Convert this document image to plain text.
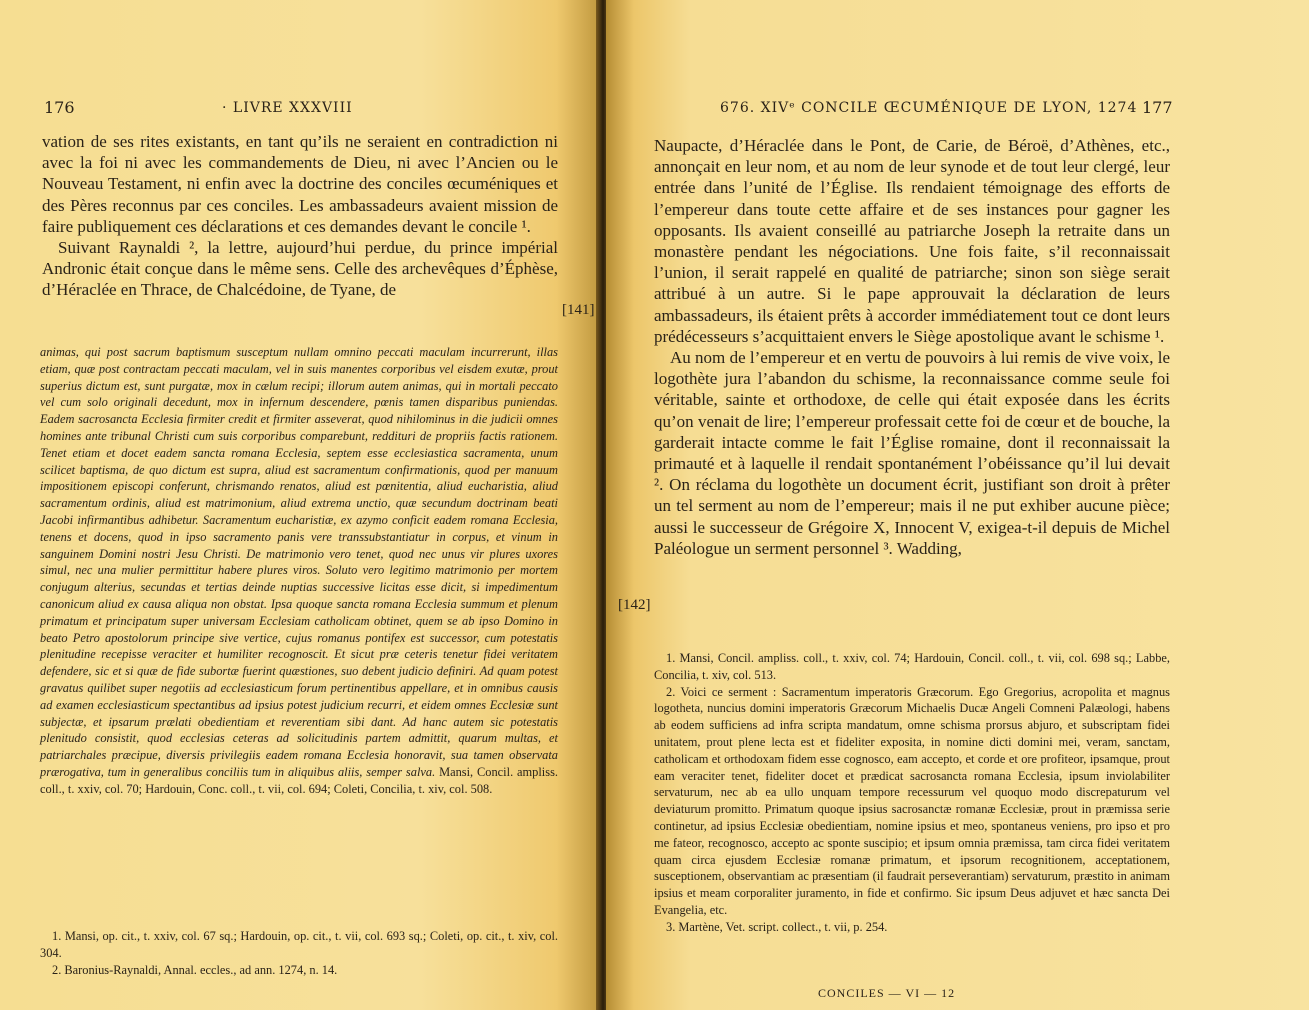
176	· LIVRE XXXVIII

vation de ses rites existants, en tant qu’ils ne seraient en contradiction ni avec la foi ni avec les commandements de Dieu, ni avec l’Ancien ou le Nouveau Testament, ni enfin avec la doctrine des conciles œcuméniques et des Pères reconnus par ces conciles. Les ambassadeurs avaient mission de faire publiquement ces déclarations et ces demandes devant le concile ¹.

Suivant Raynaldi ², la lettre, aujourd’hui perdue, du prince impérial Andronic était conçue dans le même sens. Celle des archevêques d’Éphèse, d’Héraclée en Thrace, de Chalcédoine, de Tyane, de

[141]

animas, qui post sacrum baptismum susceptum nullam omnino peccati maculam incurrerunt, illas etiam, quæ post contractam peccati maculam, vel in suis manentes corporibus vel eisdem exutæ, prout superius dictum est, sunt purgatæ, mox in cælum recipi; illorum autem animas, qui in mortali peccato vel cum solo originali decedunt, mox in infernum descendere, pœnis tamen disparibus puniendas. Eadem sacrosancta Ecclesia firmiter credit et firmiter asseverat, quod nihilominus in die judicii omnes homines ante tribunal Christi cum suis corporibus comparebunt, reddituri de propriis factis rationem. Tenet etiam et docet eadem sancta romana Ecclesia, septem esse ecclesiastica sacramenta, unum scilicet baptisma, de quo dictum est supra, aliud est sacramentum confirmationis, quod per manuum impositionem episcopi conferunt, chrismando renatos, aliud est pœnitentia, aliud eucharistia, aliud sacramentum ordinis, aliud est matrimonium, aliud extrema unctio, quæ secundum doctrinam beati Jacobi infirmantibus adhibetur. Sacramentum eucharistiæ, ex azymo conficit eadem romana Ecclesia, tenens et docens, quod in ipso sacramento panis vere transsubstantiatur in corpus, et vinum in sanguinem Domini nostri Jesu Christi. De matrimonio vero tenet, quod nec unus vir plures uxores simul, nec una mulier permittitur habere plures viros. Soluto vero legitimo matrimonio per mortem conjugum alterius, secundas et tertias deinde nuptias successive licitas esse dicit, si impedimentum canonicum aliud ex causa aliqua non obstat. Ipsa quoque sancta romana Ecclesia summum et plenum primatum et principatum super universam Ecclesiam catholicam obtinet, quem se ab ipso Domino in beato Petro apostolorum principe sive vertice, cujus romanus pontifex est successor, cum potestatis plenitudine recepisse veraciter et humiliter recognoscit. Et sicut præ ceteris tenetur fidei veritatem defendere, sic et si quæ de fide subortæ fuerint quæstiones, suo debent judicio definiri. Ad quam potest gravatus quilibet super negotiis ad ecclesiasticum forum pertinentibus appellare, et in omnibus causis ad examen ecclesiasticum spectantibus ad ipsius potest judicium recurri, et eidem omnes Ecclesiæ sunt subjectæ, et ipsarum prælati obedientiam et reverentiam sibi dant. Ad hanc autem sic potestatis plenitudo consistit, quod ecclesias ceteras ad solicitudinis partem admittit, quarum multas, et patriarchales præcipue, diversis privilegiis eadem romana Ecclesia honoravit, sua tamen observata prærogativa, tum in generalibus conciliis tum in aliquibus aliis, semper salva. Mansi, Concil. ampliss. coll., t. xxiv, col. 70; Hardouin, Conc. coll., t. vii, col. 694; Coleti, Concilia, t. xiv, col. 508.

1. Mansi, op. cit., t. xxiv, col. 67 sq.; Hardouin, op. cit., t. vii, col. 693 sq.; Coleti, op. cit., t. xiv, col. 304.

2. Baronius-Raynaldi, Annal. eccles., ad ann. 1274, n. 14.

676. XIVᵉ CONCILE ŒCUMÉNIQUE DE LYON, 1274 177

Naupacte, d’Héraclée dans le Pont, de Carie, de Béroë, d’Athènes, etc., annonçait en leur nom, et au nom de leur synode et de tout leur clergé, leur entrée dans l’unité de l’Église. Ils rendaient témoignage des efforts de l’empereur dans toute cette affaire et de ses instances pour gagner les opposants. Ils avaient conseillé au patriarche Joseph la retraite dans un monastère pendant les négociations. Une fois faite, s’il reconnaissait l’union, il serait rappelé en qualité de patriarche; sinon son siège serait attribué à un autre. Si le pape approuvait la déclaration de leurs ambassadeurs, ils étaient prêts à accorder immédiatement tout ce dont leurs prédécesseurs s’acquittaient envers le Siège apostolique avant le schisme ¹.

Au nom de l’empereur et en vertu de pouvoirs à lui remis de vive voix, le logothète jura l’abandon du schisme, la reconnaissance comme seule foi véritable, sainte et orthodoxe, de celle qui était exposée dans les écrits qu’on venait de lire; l’empereur professait cette foi de cœur et de bouche, la garderait intacte comme le fait l’Église romaine, dont il reconnaissait la primauté et à laquelle il rendait spontanément l’obéissance qu’il lui devait ². On réclama du logothète un document écrit, justifiant son droit à prêter un tel serment au nom de l’empereur; mais il ne put exhiber aucune pièce; aussi le successeur de Grégoire X, Innocent V, exigea-t-il depuis de Michel Paléologue un serment personnel ³. Wadding,

[142]

1. Mansi, Concil. ampliss. coll., t. xxiv, col. 74; Hardouin, Concil. coll., t. vii, col. 698 sq.; Labbe, Concilia, t. xiv, col. 513.

2. Voici ce serment : Sacramentum imperatoris Græcorum. Ego Gregorius, acropolita et magnus logotheta, nuncius domini imperatoris Græcorum Michaelis Ducæ Angeli Comneni Palæologi, habens ab eodem sufficiens ad infra scripta mandatum, omne schisma prorsus abjuro, et subscriptam fidei unitatem, prout plene lecta est et fideliter exposita, in nomine dicti domini mei, veram, sanctam, catholicam et orthodoxam fidem esse cognosco, eam accepto, et corde et ore profiteor, ipsamque, prout eam veraciter tenet, fideliter docet et prædicat sacrosancta romana Ecclesia, ipsum inviolabiliter servaturum, nec ab ea ullo unquam tempore recessurum vel quoquo modo discrepaturum vel deviaturum promitto. Primatum quoque ipsius sacrosanctæ romanæ Ecclesiæ, prout in præmissa serie continetur, ad ipsius Ecclesiæ obedientiam, nomine ipsius et meo, spontaneus veniens, pro ipso et pro me fateor, recognosco, accepto ac sponte suscipio; et ipsum omnia præmissa, tam circa fidei veritatem quam circa ejusdem Ecclesiæ romanæ primatum, et ipsorum recognitionem, acceptationem, susceptionem, observantiam ac præsentiam (il faudrait perseverantiam) servaturum, præstito in animam ipsius et meam corporaliter juramento, in fide et confirmo. Sic ipsum Deus adjuvet et hæc sancta Dei Evangelia, etc.

3. Martène, Vet. script. collect., t. vii, p. 254.

CONCILES — VI — 12
